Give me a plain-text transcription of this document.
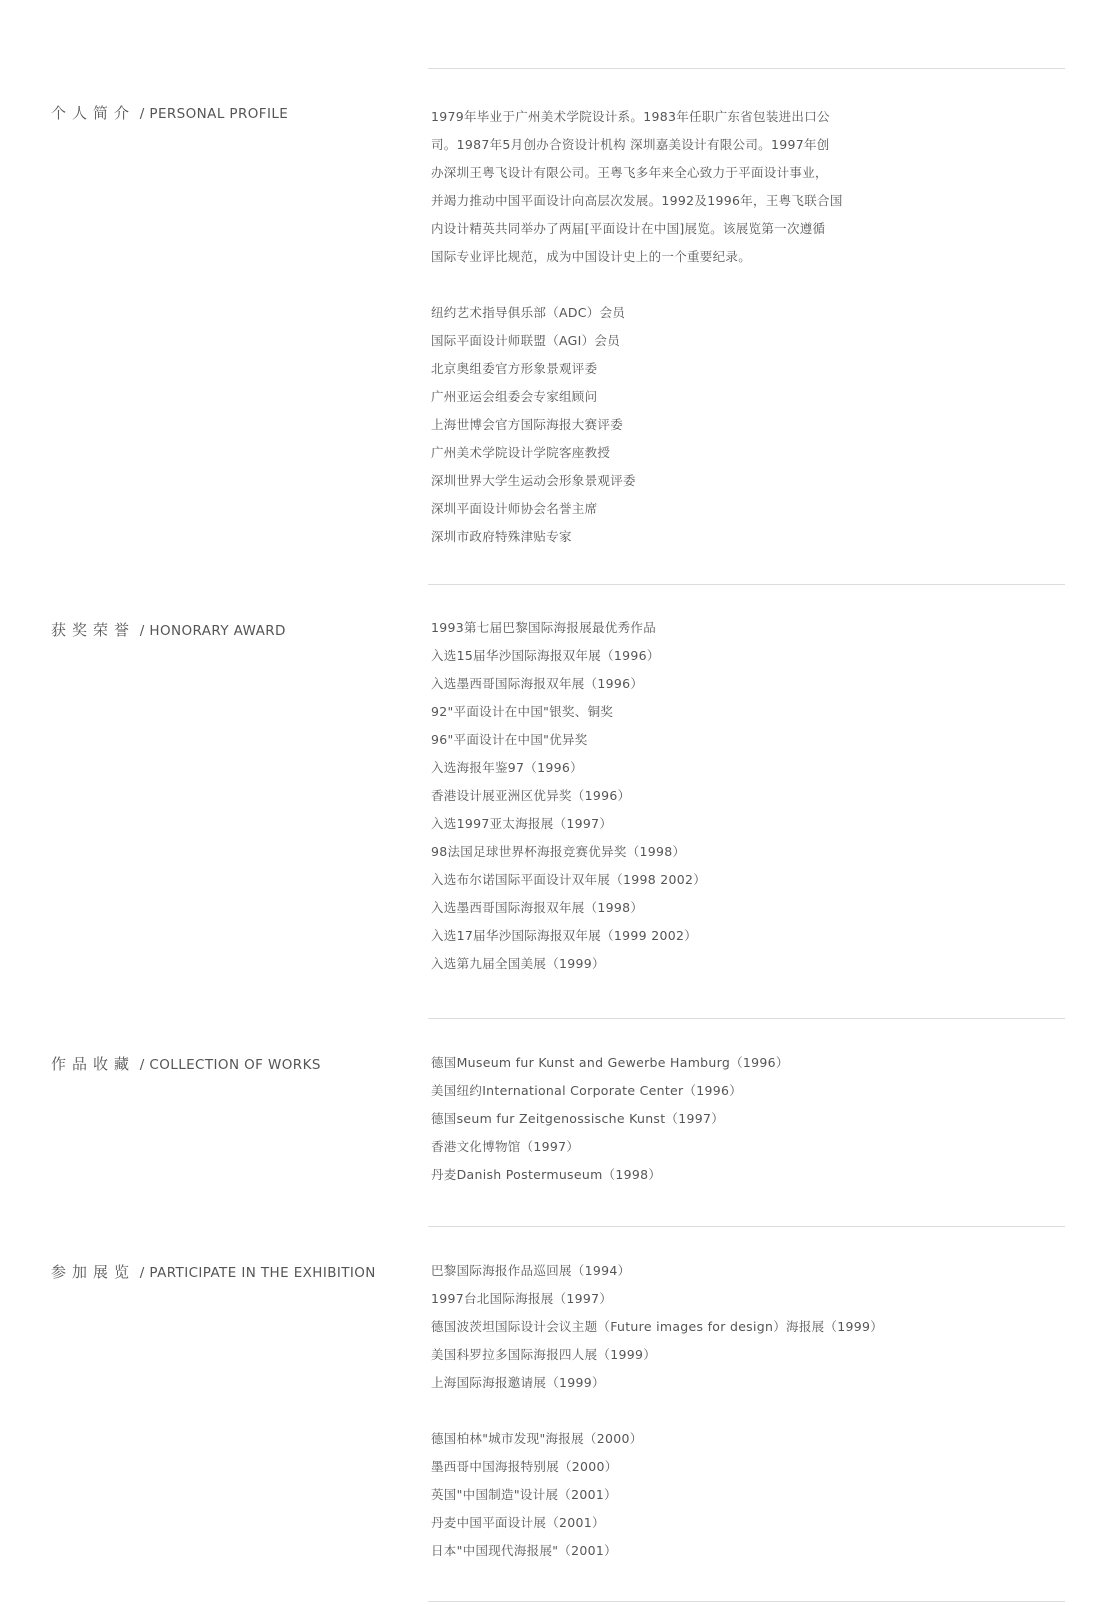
个人简介 / PERSONAL PROFILE	1979年毕业于广州美术学院设计系。1983年任职广东省包装进出口公
司。1987年5月创办合资设计机构 深圳嘉美设计有限公司。1997年创
办深圳王粤飞设计有限公司。王粤飞多年来全心致力于平面设计事业，
并竭力推动中国平面设计向高层次发展。1992及1996年，王粤飞联合国
内设计精英共同举办了两届[平面设计在中国]展览。该展览第一次遵循
国际专业评比规范，成为中国设计史上的一个重要纪录。
纽约艺术指导俱乐部（ADC）会员
国际平面设计师联盟（AGI）会员
北京奥组委官方形象景观评委
广州亚运会组委会专家组顾问
上海世博会官方国际海报大赛评委
广州美术学院设计学院客座教授
深圳世界大学生运动会形象景观评委
深圳平面设计师协会名誉主席
深圳市政府特殊津贴专家
获奖荣誉 / HONORARY AWARD	1993第七届巴黎国际海报展最优秀作品
入选15届华沙国际海报双年展（1996）
入选墨西哥国际海报双年展（1996）
92"平面设计在中国"银奖、铜奖
96"平面设计在中国"优异奖
入选海报年鉴97（1996）
香港设计展亚洲区优异奖（1996）
入选1997亚太海报展（1997）
98法国足球世界杯海报竞赛优异奖（1998）
入选布尔诺国际平面设计双年展（1998 2002）
入选墨西哥国际海报双年展（1998）
入选17届华沙国际海报双年展（1999 2002）
入选第九届全国美展（1999）
作品收藏 / COLLECTION OF WORKS	德国Museum fur Kunst and Gewerbe Hamburg（1996）
美国纽约International Corporate Center（1996）
德国seum fur Zeitgenossische Kunst（1997）
香港文化博物馆（1997）
丹麦Danish Postermuseum（1998）
参加展览 / PARTICIPATE IN THE EXHIBITION	巴黎国际海报作品巡回展（1994）
1997台北国际海报展（1997）
德国波茨坦国际设计会议主题（Future images for design）海报展（1999）
美国科罗拉多国际海报四人展（1999）
上海国际海报邀请展（1999）
德国柏林"城市发现"海报展（2000）
墨西哥中国海报特别展（2000）
英国"中国制造"设计展（2001）
丹麦中国平面设计展（2001）
日本"中国现代海报展"（2001）
